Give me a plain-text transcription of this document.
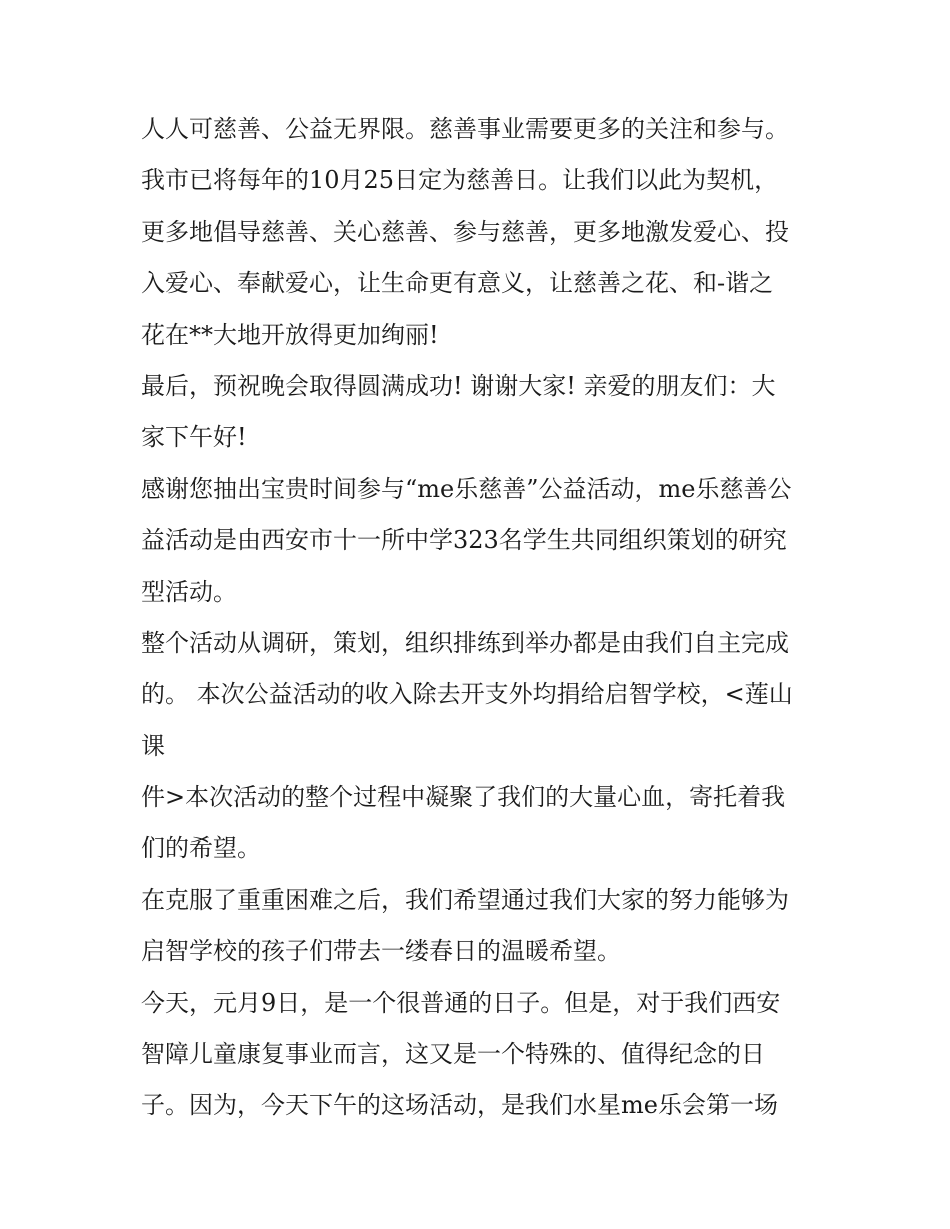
人人可慈善、公益无界限。慈善事业需要更多的关注和参与。
我市已将每年的10月25日定为慈善日。让我们以此为契机，
更多地倡导慈善、关心慈善、参与慈善，更多地激发爱心、投
入爱心、奉献爱心，让生命更有意义，让慈善之花、和-谐之
花在**大地开放得更加绚丽!
最后，预祝晚会取得圆满成功! 谢谢大家! 亲爱的朋友们：大
家下午好!
感谢您抽出宝贵时间参与“me乐慈善”公益活动，me乐慈善公
益活动是由西安市十一所中学323名学生共同组织策划的研究
型活动。
整个活动从调研，策划，组织排练到举办都是由我们自主完成
的。 本次公益活动的收入除去开支外均捐给启智学校，<莲山
课
件>本次活动的整个过程中凝聚了我们的大量心血，寄托着我
们的希望。
在克服了重重困难之后，我们希望通过我们大家的努力能够为
启智学校的孩子们带去一缕春日的温暖希望。
今天，元月9日，是一个很普通的日子。但是，对于我们西安
智障儿童康复事业而言，这又是一个特殊的、值得纪念的日
子。因为，今天下午的这场活动，是我们水星me乐会第一场
